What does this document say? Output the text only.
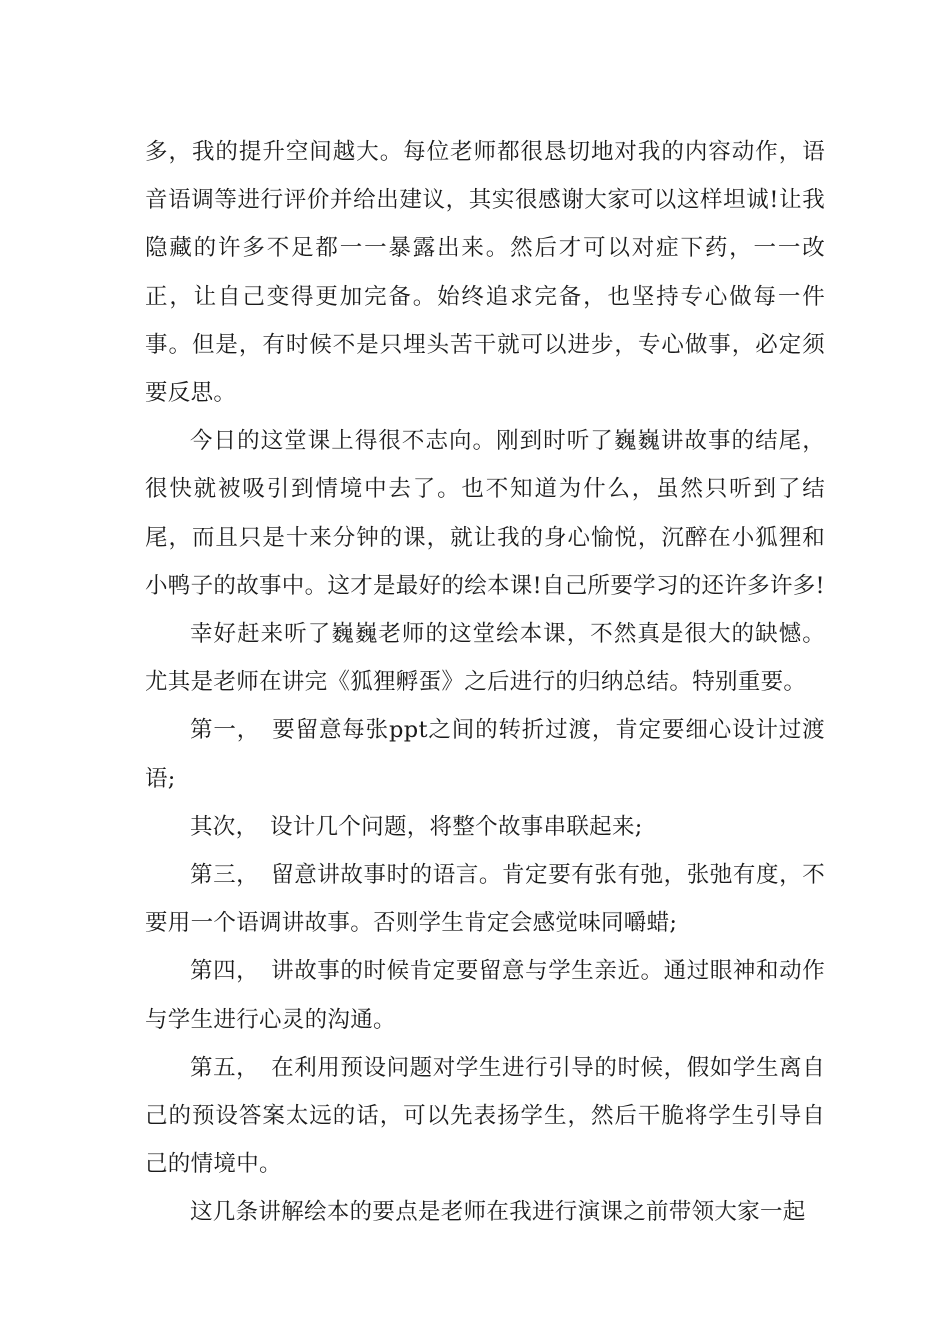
多，我的提升空间越大。每位老师都很恳切地对我的内容动作，语音语调等进行评价并给出建议，其实很感谢大家可以这样坦诚!让我隐藏的许多不足都一一暴露出来。然后才可以对症下药，一一改正，让自己变得更加完备。始终追求完备，也坚持专心做每一件事。但是，有时候不是只埋头苦干就可以进步，专心做事，必定须要反思。

今日的这堂课上得很不志向。刚到时听了巍巍讲故事的结尾，很快就被吸引到情境中去了。也不知道为什么，虽然只听到了结尾，而且只是十来分钟的课，就让我的身心愉悦，沉醉在小狐狸和小鸭子的故事中。这才是最好的绘本课!自己所要学习的还许多许多!

幸好赶来听了巍巍老师的这堂绘本课，不然真是很大的缺憾。尤其是老师在讲完《狐狸孵蛋》之后进行的归纳总结。特别重要。

第一，　要留意每张ppt之间的转折过渡，肯定要细心设计过渡语;

其次，　设计几个问题，将整个故事串联起来;

第三，　留意讲故事时的语言。肯定要有张有弛，张弛有度，不要用一个语调讲故事。否则学生肯定会感觉味同嚼蜡;

第四，　讲故事的时候肯定要留意与学生亲近。通过眼神和动作与学生进行心灵的沟通。

第五，　在利用预设问题对学生进行引导的时候，假如学生离自己的预设答案太远的话，可以先表扬学生，然后干脆将学生引导自己的情境中。

这几条讲解绘本的要点是老师在我进行演课之前带领大家一起
